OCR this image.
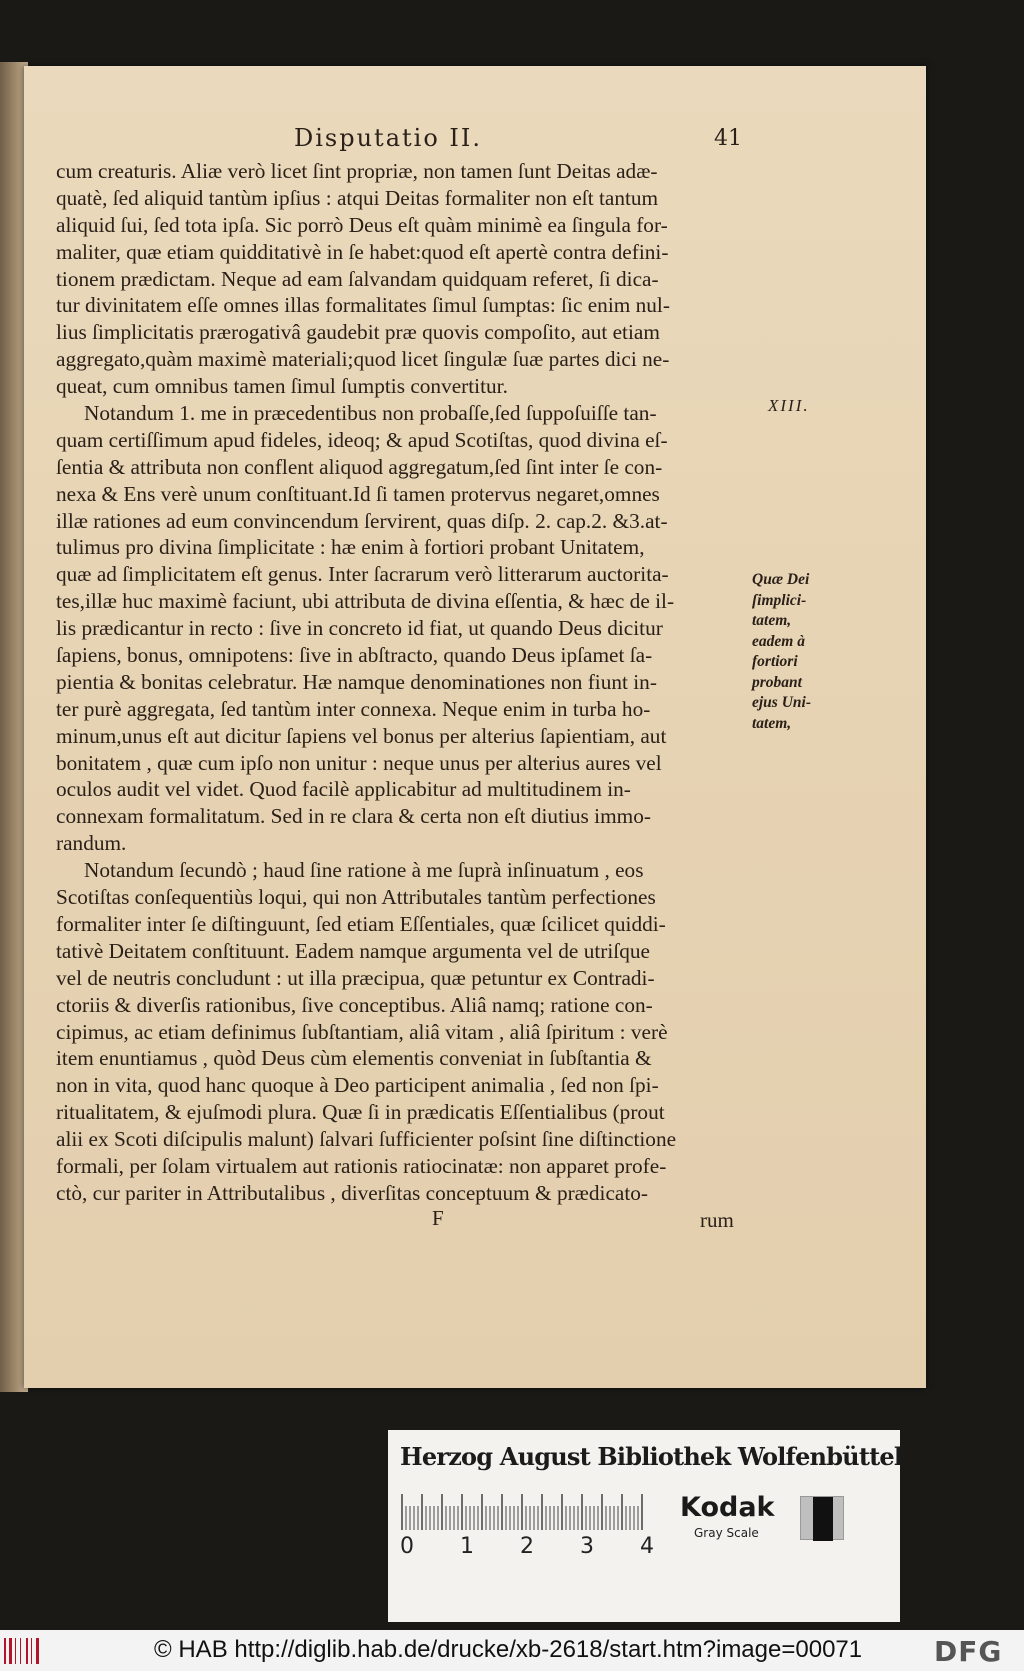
Disputatio II.	41
cum creaturis. Aliæ verò licet ſint propriæ, non tamen ſunt Deitas adæ-
quatè, ſed aliquid tantùm ipſius : atqui Deitas formaliter non eſt tantum
aliquid ſui, ſed tota ipſa. Sic porrò Deus eſt quàm minimè ea ſingula for-
maliter, quæ etiam quidditativè in ſe habet:quod eſt apertè contra defini-
tionem prædictam. Neque ad eam ſalvandam quidquam referet, ſi dica-
tur divinitatem eſſe omnes illas formalitates ſimul ſumptas: ſic enim nul-
lius ſimplicitatis prærogativâ gaudebit præ quovis compoſito, aut etiam
aggregato,quàm maximè materiali;quod licet ſingulæ ſuæ partes dici ne-
queat, cum omnibus tamen ſimul ſumptis convertitur.
Notandum 1. me in præcedentibus non probaſſe,ſed ſuppoſuiſſe tan-
quam certiſſimum apud fideles, ideoq; & apud Scotiſtas, quod divina eſ-
ſentia & attributa non conflent aliquod aggregatum,ſed ſint inter ſe con-
nexa & Ens verè unum conſtituant.Id ſi tamen protervus negaret,omnes
illæ rationes ad eum convincendum ſervirent, quas diſp. 2. cap.2. &3.at-
tulimus pro divina ſimplicitate : hæ enim à fortiori probant Unitatem,
quæ ad ſimplicitatem eſt genus. Inter ſacrarum verò litterarum auctorita-
tes,illæ huc maximè faciunt, ubi attributa de divina eſſentia, & hæc de il-
lis prædicantur in recto : ſive in concreto id fiat, ut quando Deus dicitur
ſapiens, bonus, omnipotens: ſive in abſtracto, quando Deus ipſamet ſa-
pientia & bonitas celebratur. Hæ namque denominationes non fiunt in-
ter purè aggregata, ſed tantùm inter connexa. Neque enim in turba ho-
minum,unus eſt aut dicitur ſapiens vel bonus per alterius ſapientiam, aut
bonitatem , quæ cum ipſo non unitur : neque unus per alterius aures vel
oculos audit vel videt. Quod facilè applicabitur ad multitudinem in-
connexam formalitatum. Sed in re clara & certa non eſt diutius immo-
randum.
Notandum ſecundò ; haud ſine ratione à me ſuprà inſinuatum , eos
Scotiſtas conſequentiùs loqui, qui non Attributales tantùm perfectiones
formaliter inter ſe diſtinguunt, ſed etiam Eſſentiales, quæ ſcilicet quiddi-
tativè Deitatem conſtituunt. Eadem namque argumenta vel de utriſque
vel de neutris concludunt : ut illa præcipua, quæ petuntur ex Contradi-
ctoriis & diverſis rationibus, ſive conceptibus. Aliâ namq; ratione con-
cipimus, ac etiam definimus ſubſtantiam, aliâ vitam , aliâ ſpiritum : verè
item enuntiamus , quòd Deus cùm elementis conveniat in ſubſtantia &
non in vita, quod hanc quoque à Deo participent animalia , ſed non ſpi-
ritualitatem, & ejuſmodi plura. Quæ ſi in prædicatis Eſſentialibus (prout
alii ex Scoti diſcipulis malunt) ſalvari ſufficienter poſsint ſine diſtinctione
formali, per ſolam virtualem aut rationis ratiocinatæ: non apparet profe-
ctò, cur pariter in Attributalibus , diverſitas conceptuum & prædicato-
XIII.
Quæ Dei
ſimplici-
tatem,
eadem à
fortiori
probant
ejus Uni-
tatem,
F	rum
Herzog August Bibliothek Wolfenbüttel
0 1 2 3 4
Kodak
Gray Scale
© HAB http://diglib.hab.de/drucke/xb-2618/start.htm?image=00071	DFG
